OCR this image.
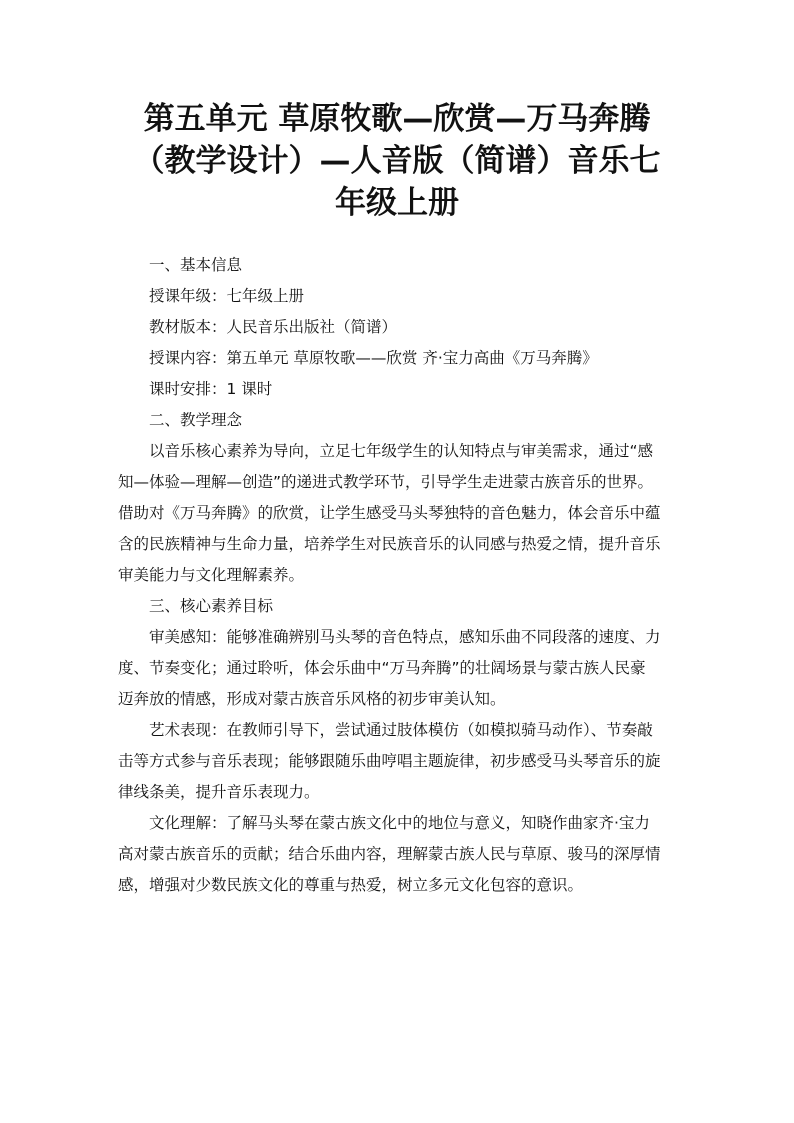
第五单元 草原牧歌—欣赏—万马奔腾
（教学设计）—人音版（简谱）音乐七
年级上册

一、基本信息

授课年级：七年级上册

教材版本：人民音乐出版社（简谱）

授课内容：第五单元 草原牧歌——欣赏 齐·宝力高曲《万马奔腾》

课时安排：1 课时

二、教学理念

以音乐核心素养为导向，立足七年级学生的认知特点与审美需求，通过“感
知—体验—理解—创造”的递进式教学环节，引导学生走进蒙古族音乐的世界。
借助对《万马奔腾》的欣赏，让学生感受马头琴独特的音色魅力，体会音乐中蕴
含的民族精神与生命力量，培养学生对民族音乐的认同感与热爱之情，提升音乐
审美能力与文化理解素养。

三、核心素养目标

审美感知：能够准确辨别马头琴的音色特点，感知乐曲不同段落的速度、力
度、节奏变化；通过聆听，体会乐曲中“万马奔腾”的壮阔场景与蒙古族人民豪
迈奔放的情感，形成对蒙古族音乐风格的初步审美认知。
艺术表现：在教师引导下，尝试通过肢体模仿（如模拟骑马动作）、节奏敲
击等方式参与音乐表现；能够跟随乐曲哼唱主题旋律，初步感受马头琴音乐的旋
律线条美，提升音乐表现力。
文化理解：了解马头琴在蒙古族文化中的地位与意义，知晓作曲家齐·宝力
高对蒙古族音乐的贡献；结合乐曲内容，理解蒙古族人民与草原、骏马的深厚情
感，增强对少数民族文化的尊重与热爱，树立多元文化包容的意识。
